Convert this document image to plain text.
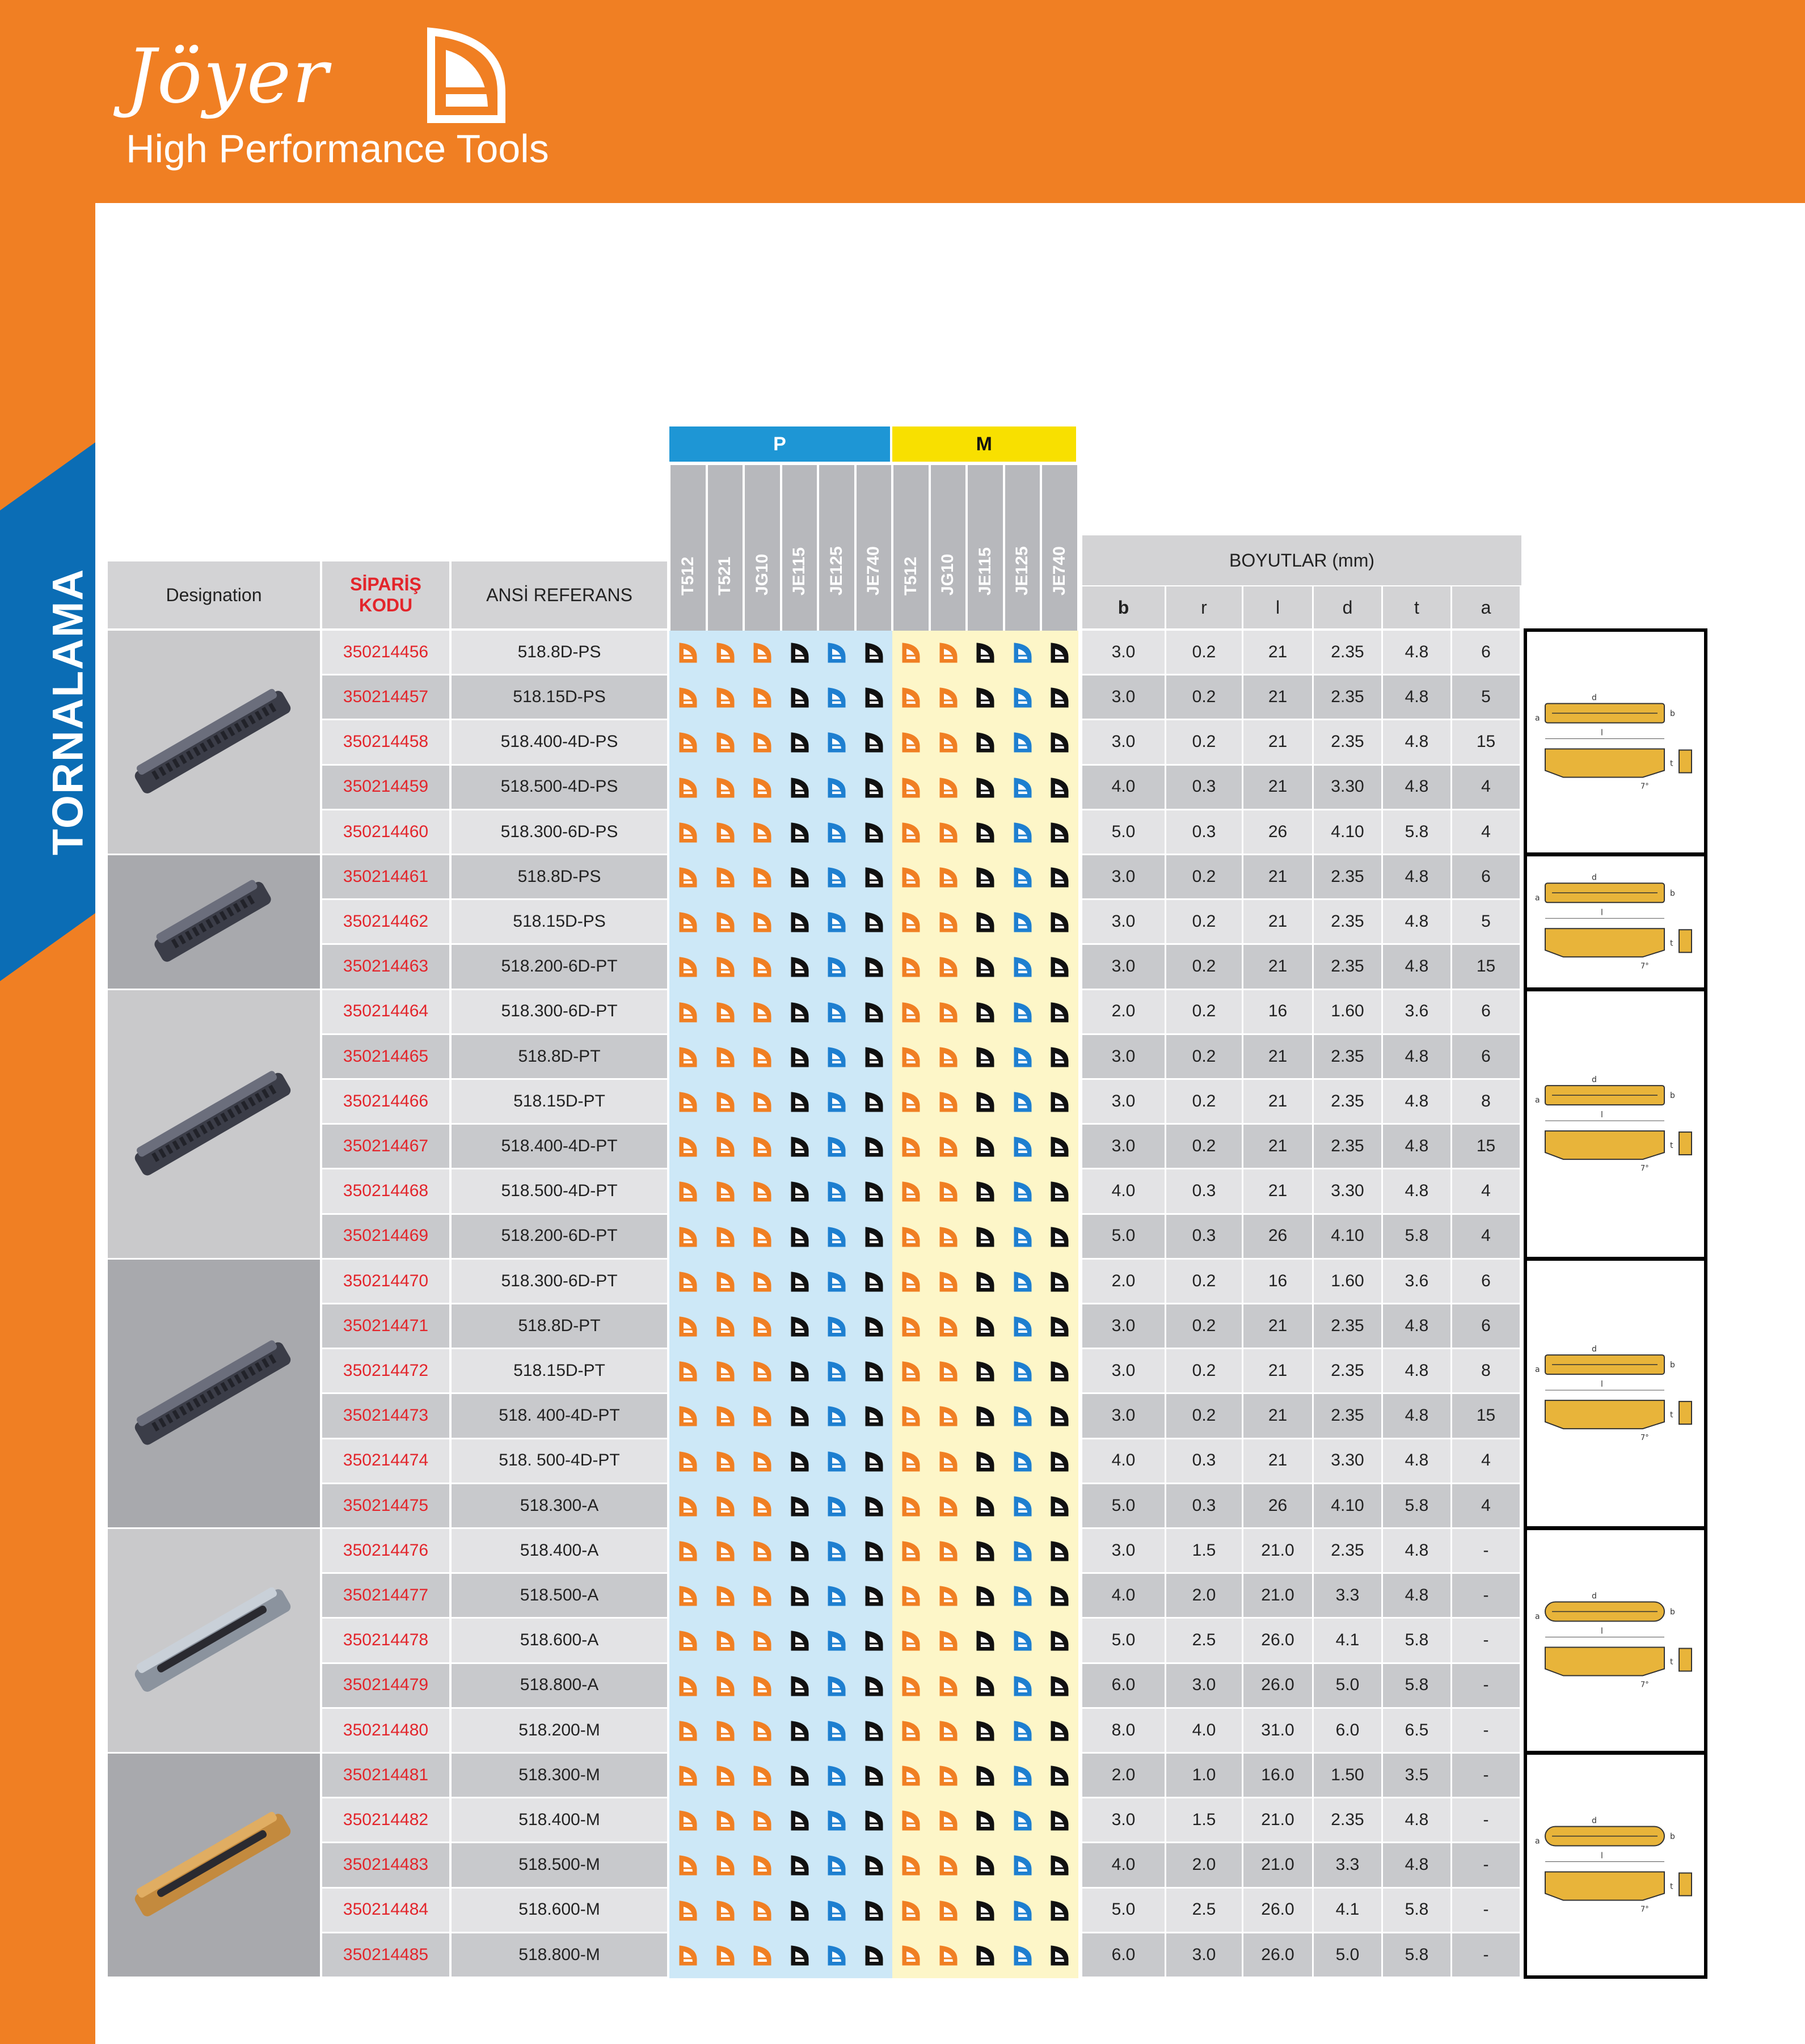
Jöyer
High Performance Tools
TORNALAMA
P
T512 T521 JG10 JE115 JE125 JE740
M
T512 JG10 JE115 JE125 JE740
Designation
SİPARİŞ
KODU
ANSİ REFERANS
BOYUTLAR (mm)
b	r	l	d	t	a
350214456	518.8D-PS	3.0	0.2	21	2.35	4.8	6
350214457	518.15D-PS	3.0	0.2	21	2.35	4.8	5
350214458	518.400-4D-PS	3.0	0.2	21	2.35	4.8	15
350214459	518.500-4D-PS	4.0	0.3	21	3.30	4.8	4
350214460	518.300-6D-PS	5.0	0.3	26	4.10	5.8	4
350214461	518.8D-PS	3.0	0.2	21	2.35	4.8	6
350214462	518.15D-PS	3.0	0.2	21	2.35	4.8	5
350214463	518.200-6D-PT	3.0	0.2	21	2.35	4.8	15
350214464	518.300-6D-PT	2.0	0.2	16	1.60	3.6	6
350214465	518.8D-PT	3.0	0.2	21	2.35	4.8	6
350214466	518.15D-PT	3.0	0.2	21	2.35	4.8	8
350214467	518.400-4D-PT	3.0	0.2	21	2.35	4.8	15
350214468	518.500-4D-PT	4.0	0.3	21	3.30	4.8	4
350214469	518.200-6D-PT	5.0	0.3	26	4.10	5.8	4
350214470	518.300-6D-PT	2.0	0.2	16	1.60	3.6	6
350214471	518.8D-PT	3.0	0.2	21	2.35	4.8	6
350214472	518.15D-PT	3.0	0.2	21	2.35	4.8	8
350214473	518. 400-4D-PT	3.0	0.2	21	2.35	4.8	15
350214474	518. 500-4D-PT	4.0	0.3	21	3.30	4.8	4
350214475	518.300-A	5.0	0.3	26	4.10	5.8	4
350214476	518.400-A	3.0	1.5	21.0	2.35	4.8	-
350214477	518.500-A	4.0	2.0	21.0	3.3	4.8	-
350214478	518.600-A	5.0	2.5	26.0	4.1	5.8	-
350214479	518.800-A	6.0	3.0	26.0	5.0	5.8	-
350214480	518.200-M	8.0	4.0	31.0	6.0	6.5	-
350214481	518.300-M	2.0	1.0	16.0	1.50	3.5	-
350214482	518.400-M	3.0	1.5	21.0	2.35	4.8	-
350214483	518.500-M	4.0	2.0	21.0	3.3	4.8	-
350214484	518.600-M	5.0	2.5	26.0	4.1	5.8	-
350214485	518.800-M	6.0	3.0	26.0	5.0	5.8	-
l
d
b
t
a
7°
l
d
b
t
a
7°
l
d
b
t
a
7°
l
d
b
t
a
7°
l
d
b
t
a
7°
l
d
b
t
a
7°
